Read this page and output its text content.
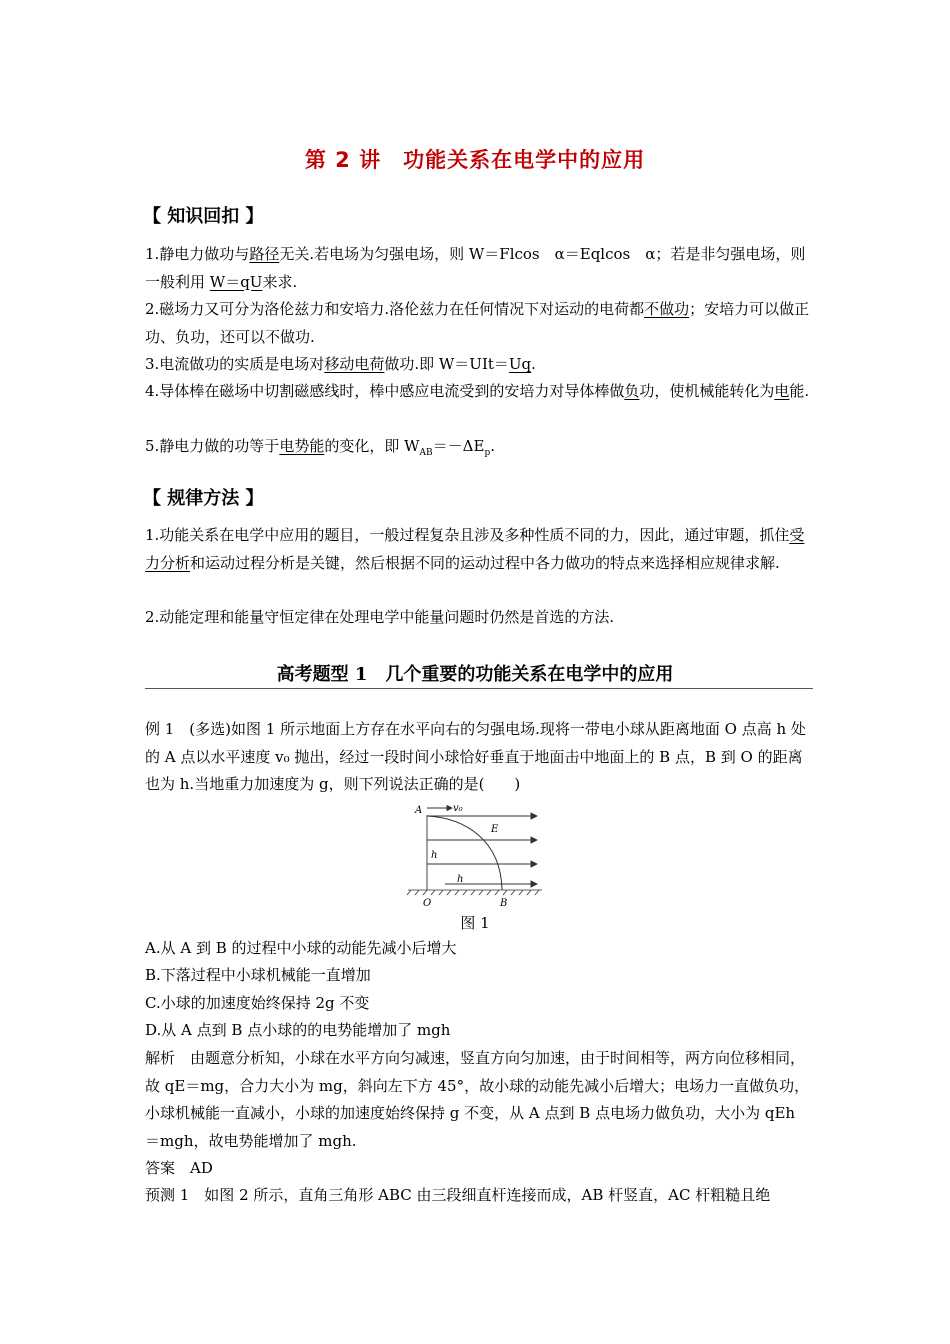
第 2 讲　功能关系在电学中的应用
【 知识回扣 】
1.静电力做功与路径无关.若电场为匀强电场，则 W＝Flcos　α＝Eqlcos　α；若是非匀强电场，则一般利用 W＝qU来求.
2.磁场力又可分为洛伦兹力和安培力.洛伦兹力在任何情况下对运动的电荷都不做功；安培力可以做正功、负功，还可以不做功.
3.电流做功的实质是电场对移动电荷做功.即 W＝UIt＝Uq.
4.导体棒在磁场中切割磁感线时，棒中感应电流受到的安培力对导体棒做负功，使机械能转化为电能.
5.静电力做的功等于电势能的变化，即 $W_{AB}=-\Delta E_p$.
【 规律方法 】
1.功能关系在电学中应用的题目，一般过程复杂且涉及多种性质不同的力，因此，通过审题，抓住受力分析和运动过程分析是关键，然后根据不同的运动过程中各力做功的特点来选择相应规律求解.
2.动能定理和能量守恒定律在处理电学中能量问题时仍然是首选的方法.
高考题型 1　几个重要的功能关系在电学中的应用
例 1　(多选)如图 1 所示地面上方存在水平向右的匀强电场.现将一带电小球从距离地面 O 点高 h 处的 A 点以水平速度 v₀ 抛出，经过一段时间小球恰好垂直于地面击中地面上的 B 点，B 到 O 的距离也为 h.当地重力加速度为 g，则下列说法正确的是(　　)
A	v₀
E
h
h
O	B
图 1
A.从 A 到 B 的过程中小球的动能先减小后增大
B.下落过程中小球机械能一直增加
C.小球的加速度始终保持 2g 不变
D.从 A 点到 B 点小球的的电势能增加了 mgh
解析　由题意分析知，小球在水平方向匀减速，竖直方向匀加速，由于时间相等，两方向位移相同，故 qE＝mg，合力大小为 mg，斜向左下方 45°，故小球的动能先减小后增大；电场力一直做负功，小球机械能一直减小，小球的加速度始终保持 g 不变，从 A 点到 B 点电场力做负功，大小为 qEh＝mgh，故电势能增加了 mgh.
答案　AD
预测 1　如图 2 所示，直角三角形 ABC 由三段细直杆连接而成，AB 杆竖直，AC 杆粗糙且绝
